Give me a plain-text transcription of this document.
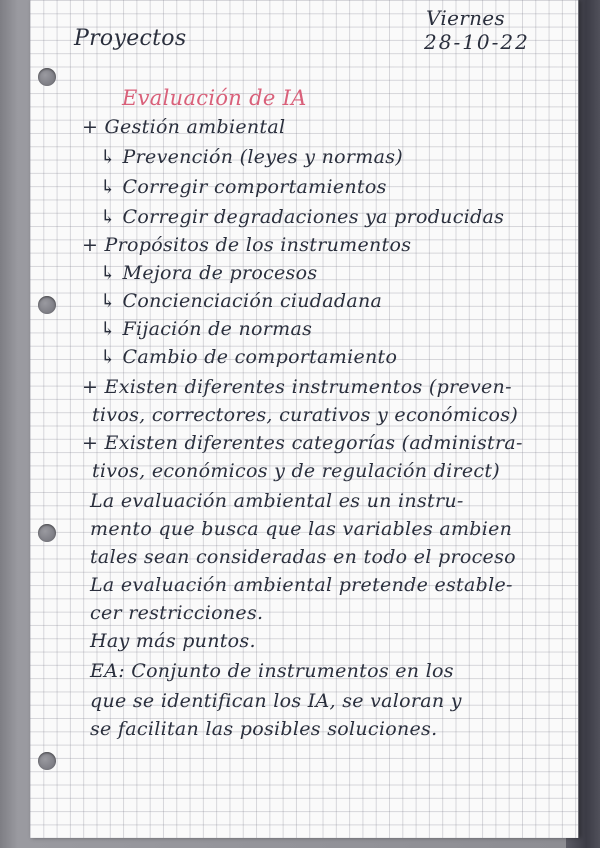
Proyectos
Viernes
28-10-22
Evaluación de IA
+ Gestión ambiental
↳ Prevención (leyes y normas)
↳ Corregir comportamientos
↳ Corregir degradaciones ya producidas
+ Propósitos de los instrumentos
↳ Mejora de procesos
↳ Concienciación ciudadana
↳ Fijación de normas
↳ Cambio de comportamiento
+ Existen diferentes instrumentos (preven-
tivos, correctores, curativos y económicos)
+ Existen diferentes categorías (administra-
tivos, económicos y de regulación direct)
La evaluación ambiental es un instru-
mento que busca que las variables ambien
tales sean consideradas en todo el proceso
La evaluación ambiental pretende estable-
cer restricciones.
Hay más puntos.
EA: Conjunto de instrumentos en los
que se identifican los IA, se valoran y
se facilitan las posibles soluciones.
